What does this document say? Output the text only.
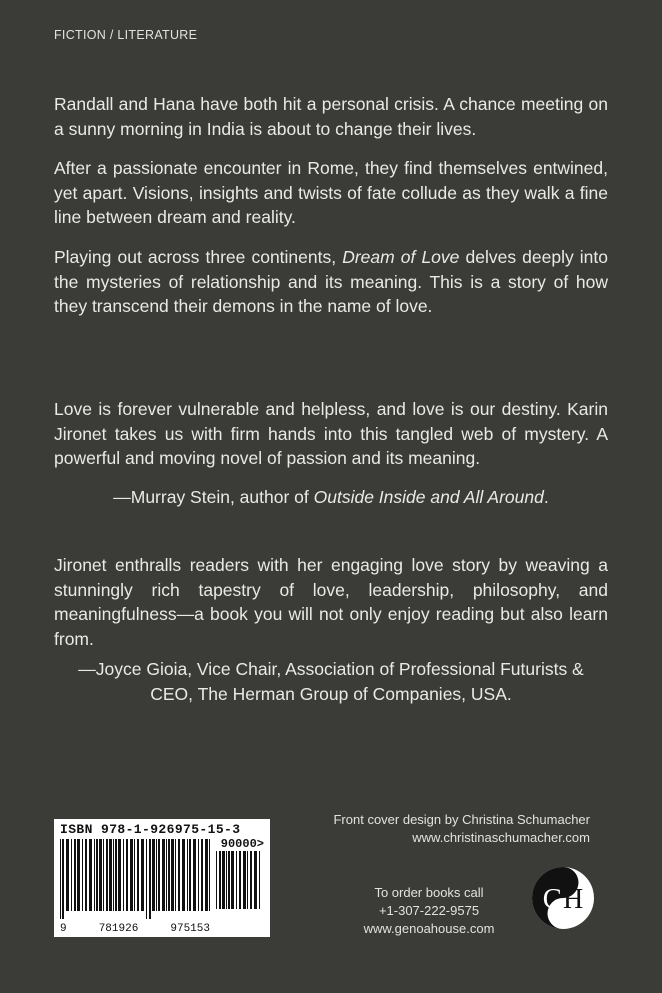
FICTION / LITERATURE

Randall and Hana have both hit a personal crisis. A chance meeting on a sunny morning in India is about to change their lives.

After a passionate encounter in Rome, they find themselves entwined, yet apart. Visions, insights and twists of fate collude as they walk a fine line between dream and reality.

Playing out across three continents, Dream of Love delves deeply into the mysteries of relationship and its meaning. This is a story of how they transcend their demons in the name of love.

Love is forever vulnerable and helpless, and love is our destiny. Karin Jironet takes us with firm hands into this tangled web of mystery. A powerful and moving novel of passion and its meaning.

—Murray Stein, author of Outside Inside and All Around.

Jironet enthralls readers with her engaging love story by weaving a stunningly rich tapestry of love, leadership, philosophy, and meaningfulness—a book you will not only enjoy reading but also learn from.

—Joyce Gioia, Vice Chair, Association of Professional Futurists &
CEO, The Herman Group of Companies, USA.
Front cover design by Christina Schumacher
www.christinaschumacher.com
To order books call
+1-307-222-9575
www.genoahouse.com
ISBN 978-1-926975-15-3
90000>
9	781926	975153
GH
